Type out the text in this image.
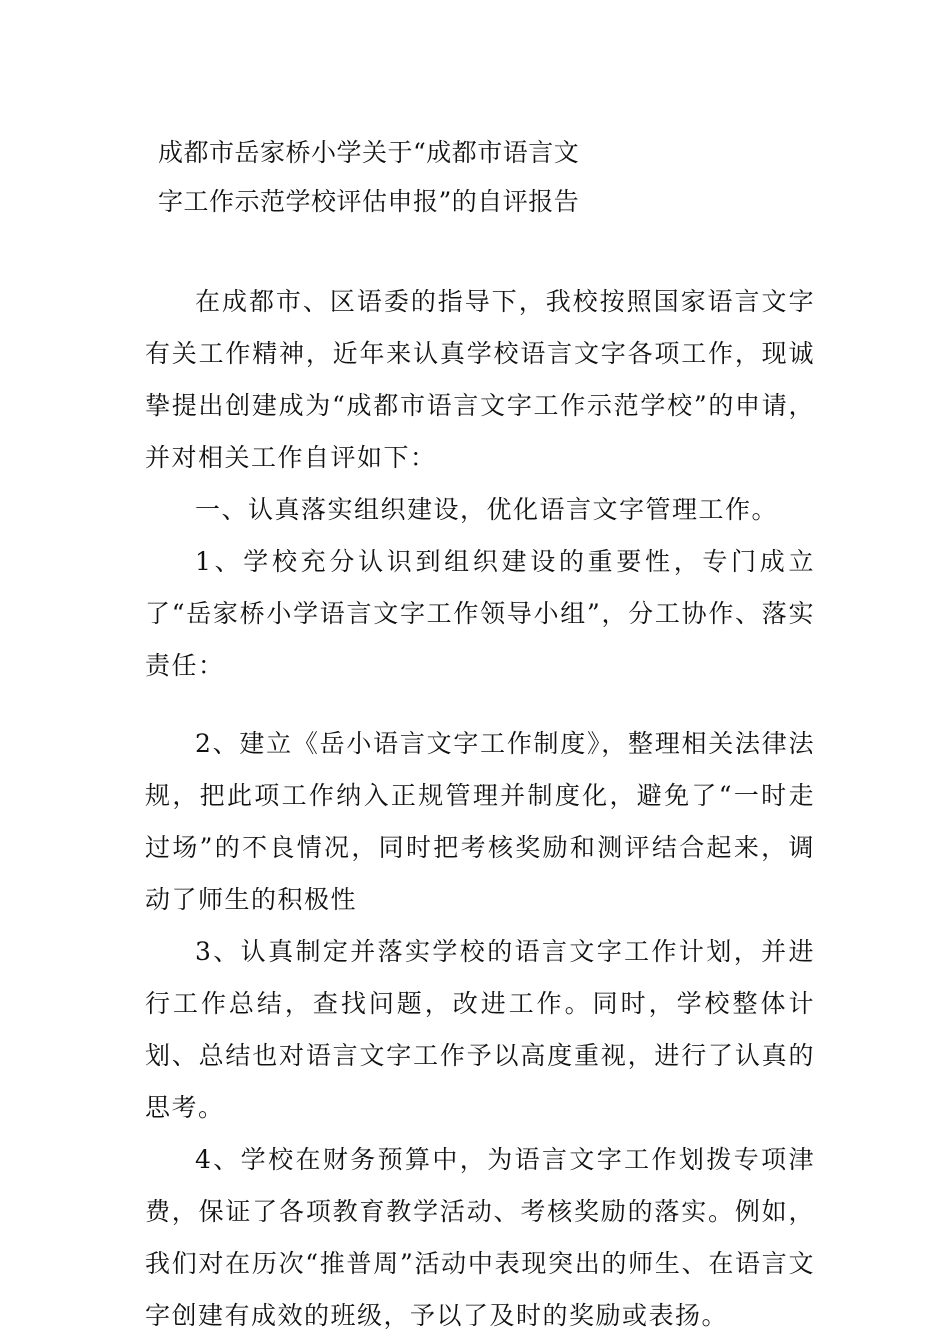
成都市岳家桥小学关于“成都市语言文
字工作示范学校评估申报”的自评报告

在成都市、区语委的指导下，我校按照国家语言文字有关工作精神，近年来认真学校语言文字各项工作，现诚挚提出创建成为“成都市语言文字工作示范学校”的申请，并对相关工作自评如下：

一、认真落实组织建设，优化语言文字管理工作。

1、学校充分认识到组织建设的重要性，专门成立了“岳家桥小学语言文字工作领导小组”，分工协作、落实责任：

2、建立《岳小语言文字工作制度》，整理相关法律法规，把此项工作纳入正规管理并制度化，避免了“一时走过场”的不良情况，同时把考核奖励和测评结合起来，调动了师生的积极性

3、认真制定并落实学校的语言文字工作计划，并进行工作总结，查找问题，改进工作。同时，学校整体计划、总结也对语言文字工作予以高度重视，进行了认真的思考。

4、学校在财务预算中，为语言文字工作划拨专项津费，保证了各项教育教学活动、考核奖励的落实。例如，我们对在历次“推普周”活动中表现突出的师生、在语言文字创建有成效的班级，予以了及时的奖励或表扬。
